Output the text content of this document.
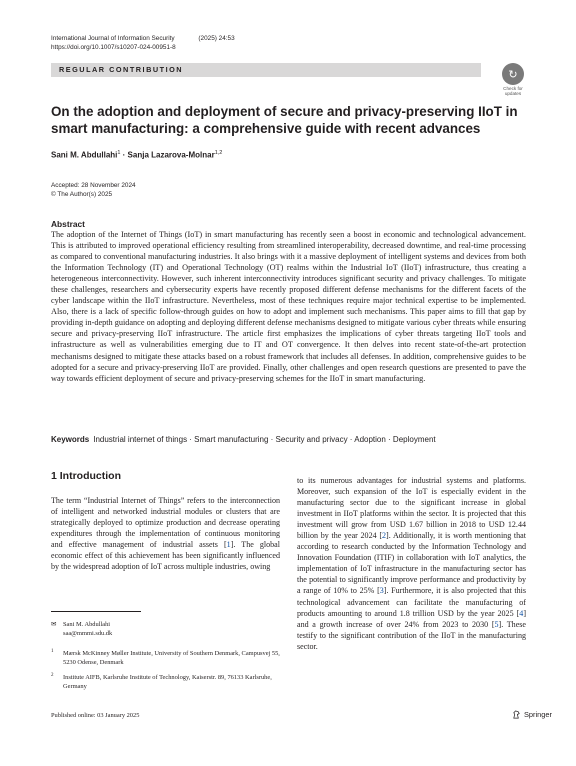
International Journal of Information Security	(2025) 24:53
https://doi.org/10.1007/s10207-024-00951-8
REGULAR CONTRIBUTION	↻
Check for
updates
On the adoption and deployment of secure and privacy-preserving IIoT in smart manufacturing: a comprehensive guide with recent advances
Sani M. Abdullahi$^1$ · Sanja Lazarova-Molnar$^{1,2}$
Accepted: 28 November 2024
© The Author(s) 2025
Abstract
The adoption of the Internet of Things (IoT) in smart manufacturing has recently seen a boost in economic and technological advancement. This is attributed to improved operational efficiency resulting from streamlined interoperability, decreased downtime, and real-time processing as compared to conventional manufacturing industries. It also brings with it a massive deployment of intelligent systems and devices from both the Information Technology (IT) and Operational Technology (OT) realms within the Industrial IoT (IIoT) infrastructure, thus creating a heterogeneous interconnectivity. However, such inherent interconnectivity introduces significant security and privacy challenges. To mitigate these challenges, researchers and cybersecurity experts have recently proposed different defense mechanisms for the different facets of the cyber landscape within the IIoT infrastructure. Nevertheless, most of these techniques require major technical expertise to be implemented. Also, there is a lack of specific follow-through guides on how to adopt and implement such mechanisms. This paper aims to fill that gap by providing in-depth guidance on adopting and deploying different defense mechanisms designed to mitigate various cyber threats while ensuring secure and privacy-preserving IIoT infrastructure. The article first emphasizes the implications of cyber threats targeting IIoT tools and infrastructure as well as vulnerabilities emerging due to IT and OT convergence. It then delves into recent state-of-the-art protection mechanisms designed to mitigate these attacks based on a robust framework that includes all defenses. In addition, comprehensive guides to be adopted for a secure and privacy-preserving IIoT are provided. Finally, other challenges and open research questions are presented to pave the way towards efficient deployment of secure and privacy-preserving schemes for the IIoT in smart manufacturing.
Keywords Industrial internet of things · Smart manufacturing · Security and privacy · Adoption · Deployment
1 Introduction
The term “Industrial Internet of Things” refers to the interconnection of intelligent and networked industrial modules or clusters that are strategically deployed to optimize production and decrease operating expenditures through the implementation of continuous monitoring and effective management of industrial assets [1]. The global economic effect of this achievement has been significantly influenced by the widespread adoption of IoT across multiple industries, owing
to its numerous advantages for industrial systems and platforms. Moreover, such expansion of the IoT is especially evident in the manufacturing sector due to the significant increase in global investment in IIoT platforms within the sector. It is projected that this investment will grow from USD 1.67 billion in 2018 to USD 12.44 billion by the year 2024 [2]. Additionally, it is worth mentioning that according to research conducted by the Information Technology and Innovation Foundation (ITIF) in collaboration with IoT analytics, the implementation of IoT infrastructure in the manufacturing sector has the potential to significantly improve performance and productivity by a range of 10% to 25% [3]. Furthermore, it is also projected that this technological advancement can facilitate the manufacturing of products amounting to around 1.8 trillion USD by the year 2025 [4] and a growth increase of over 24% from 2023 to 2030 [5]. These testify to the significant contribution of the IIoT in the manufacturing sector.
✉ Sani M. Abdullahi
saa@mmmi.sdu.dk
1	Mærsk McKinney Møller Institute, University of Southern Denmark, Campusvej 55, 5230 Odense, Denmark
2	Institute AIFB, Karlsruhe Institute of Technology, Kaiserstr. 89, 76133 Karlsruhe, Germany
Published online: 03 January 2025	Springer
